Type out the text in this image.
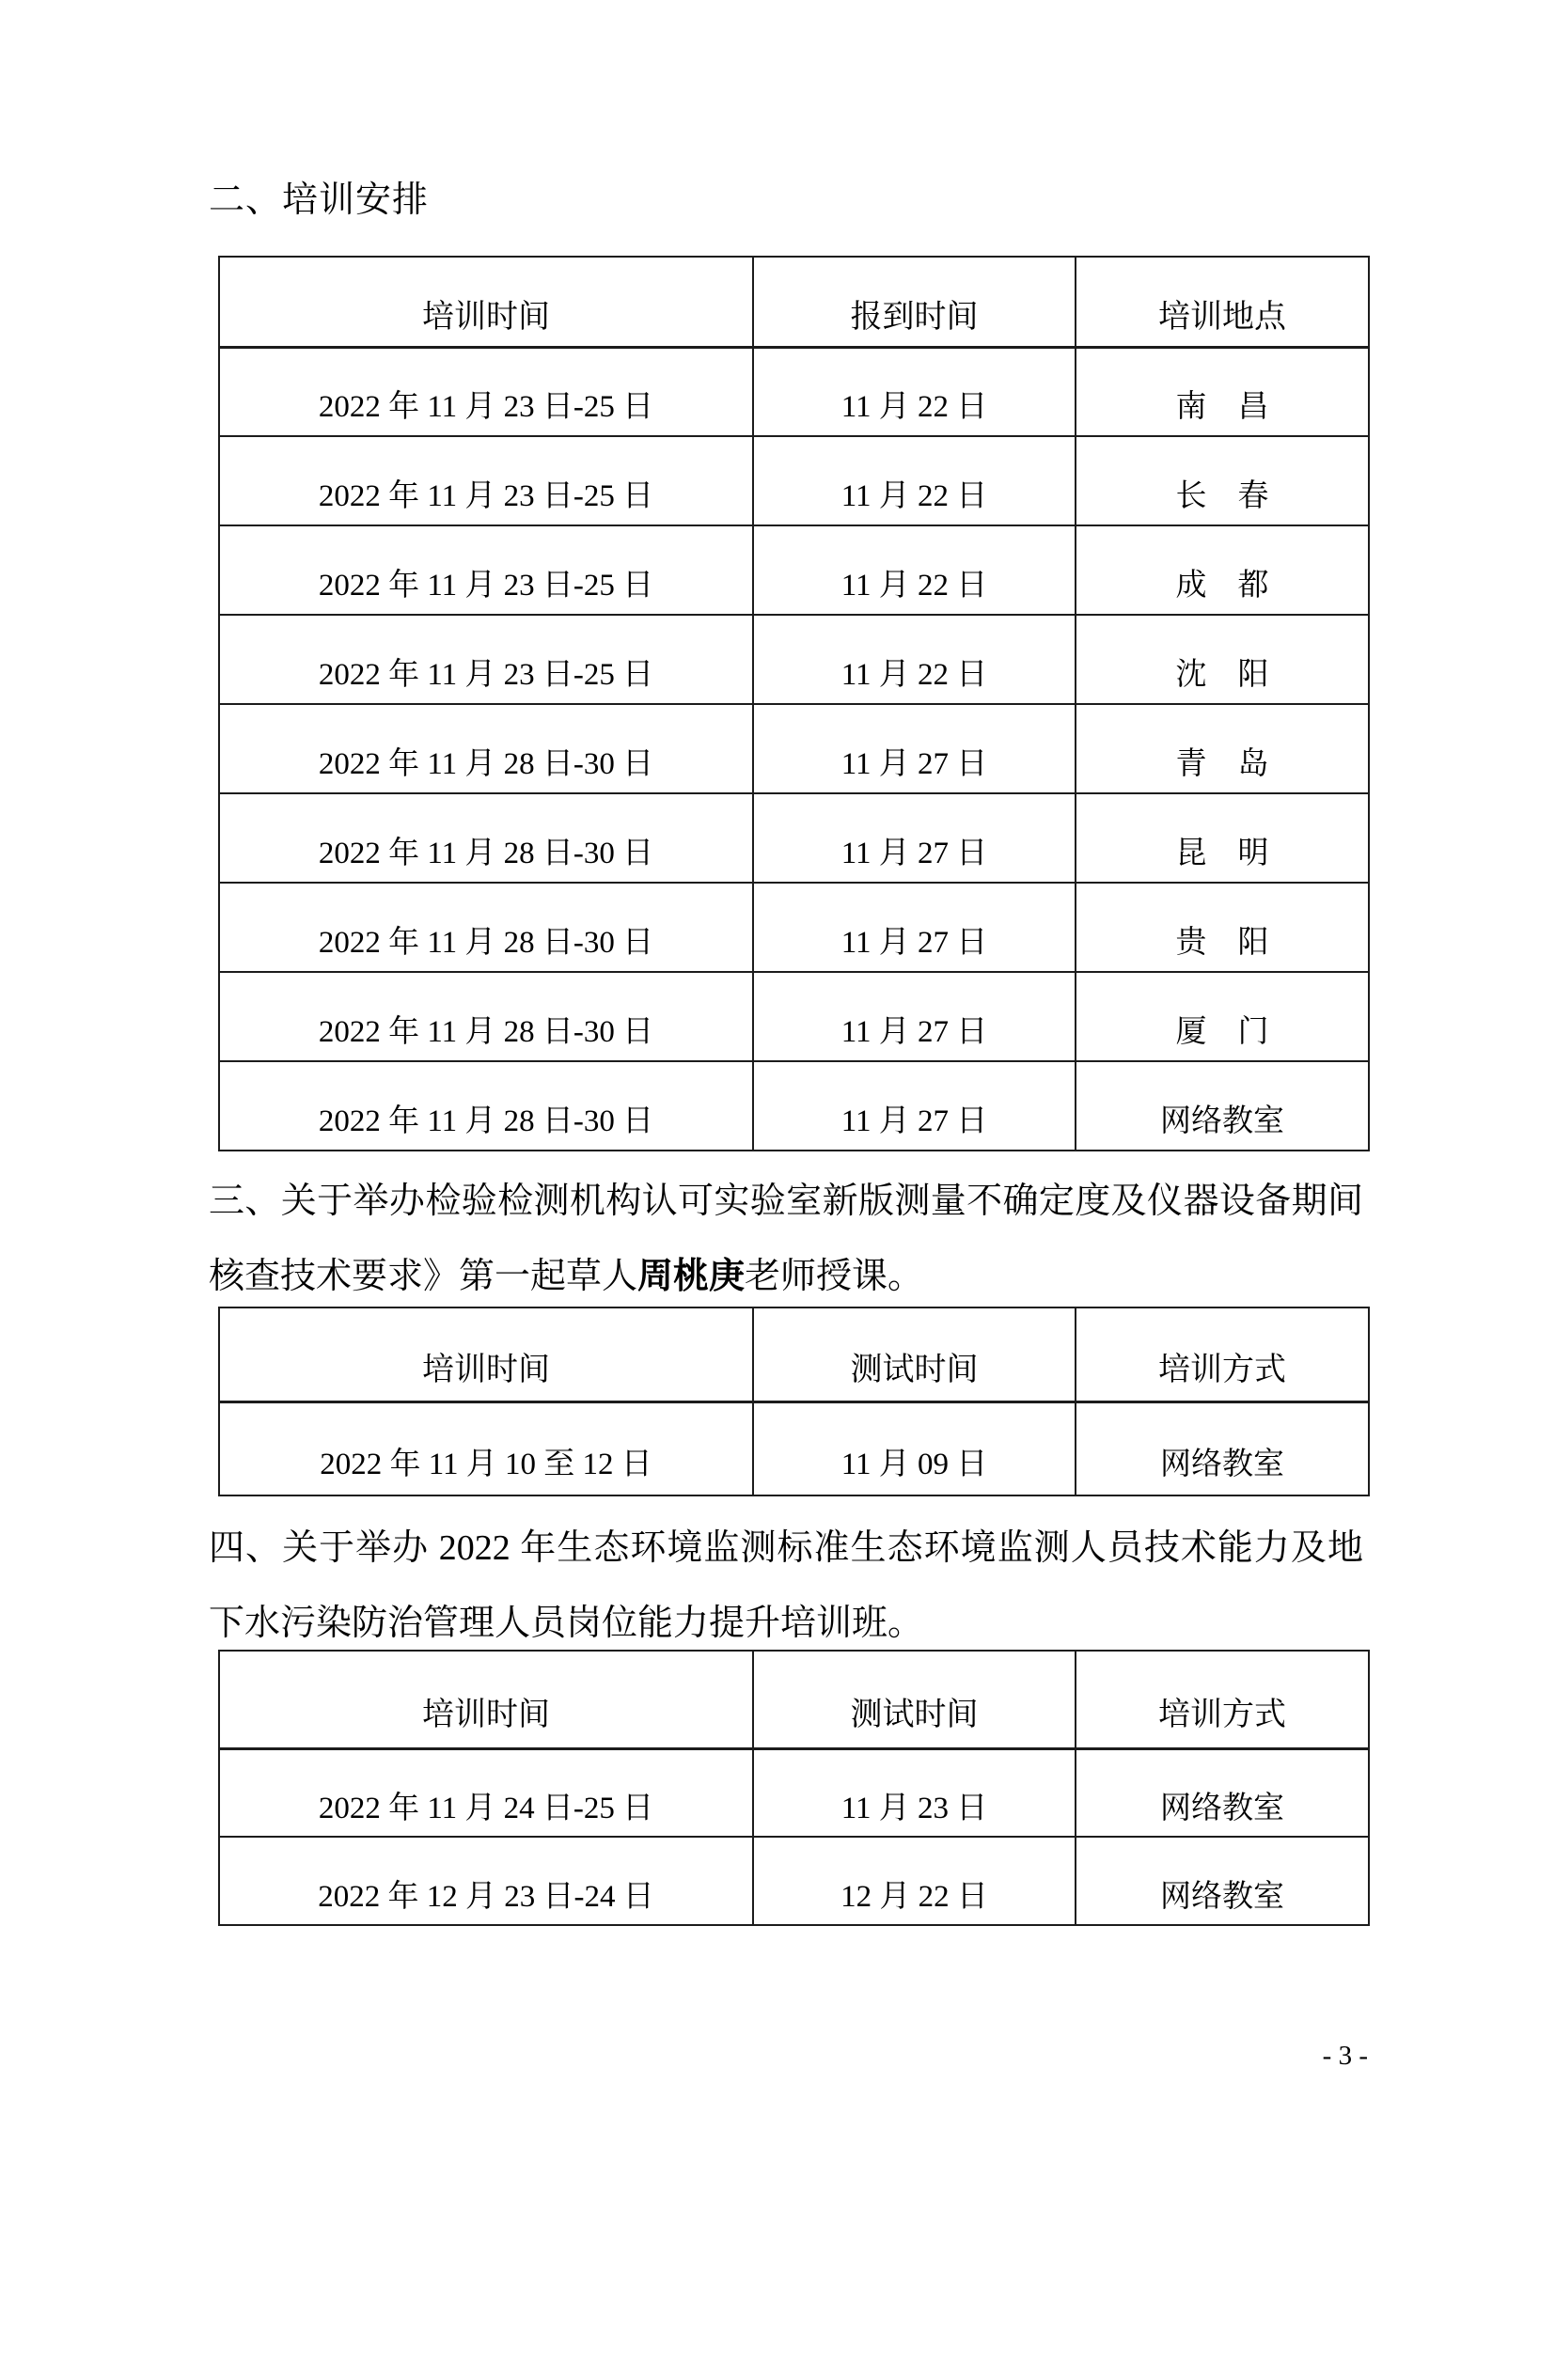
二、培训安排
培训时间	报到时间	培训地点
2022 年 11 月 23 日-25 日	11 月 22 日	南　昌
2022 年 11 月 23 日-25 日	11 月 22 日	长　春
2022 年 11 月 23 日-25 日	11 月 22 日	成　都
2022 年 11 月 23 日-25 日	11 月 22 日	沈　阳
2022 年 11 月 28 日-30 日	11 月 27 日	青　岛
2022 年 11 月 28 日-30 日	11 月 27 日	昆　明
2022 年 11 月 28 日-30 日	11 月 27 日	贵　阳
2022 年 11 月 28 日-30 日	11 月 27 日	厦　门
2022 年 11 月 28 日-30 日	11 月 27 日	网络教室
三、关于举办检验检测机构认可实验室新版测量不确定度及仪器设备期间核查技术要求》第一起草人周桃庚老师授课。
培训时间	测试时间	培训方式
2022 年 11 月 10 至 12 日	11 月 09 日	网络教室
四、关于举办 2022 年生态环境监测标准生态环境监测人员技术能力及地下水污染防治管理人员岗位能力提升培训班。
培训时间	测试时间	培训方式
2022 年 11 月 24 日-25 日	11 月 23 日	网络教室
2022 年 12 月 23 日-24 日	12 月 22 日	网络教室
- 3 -
